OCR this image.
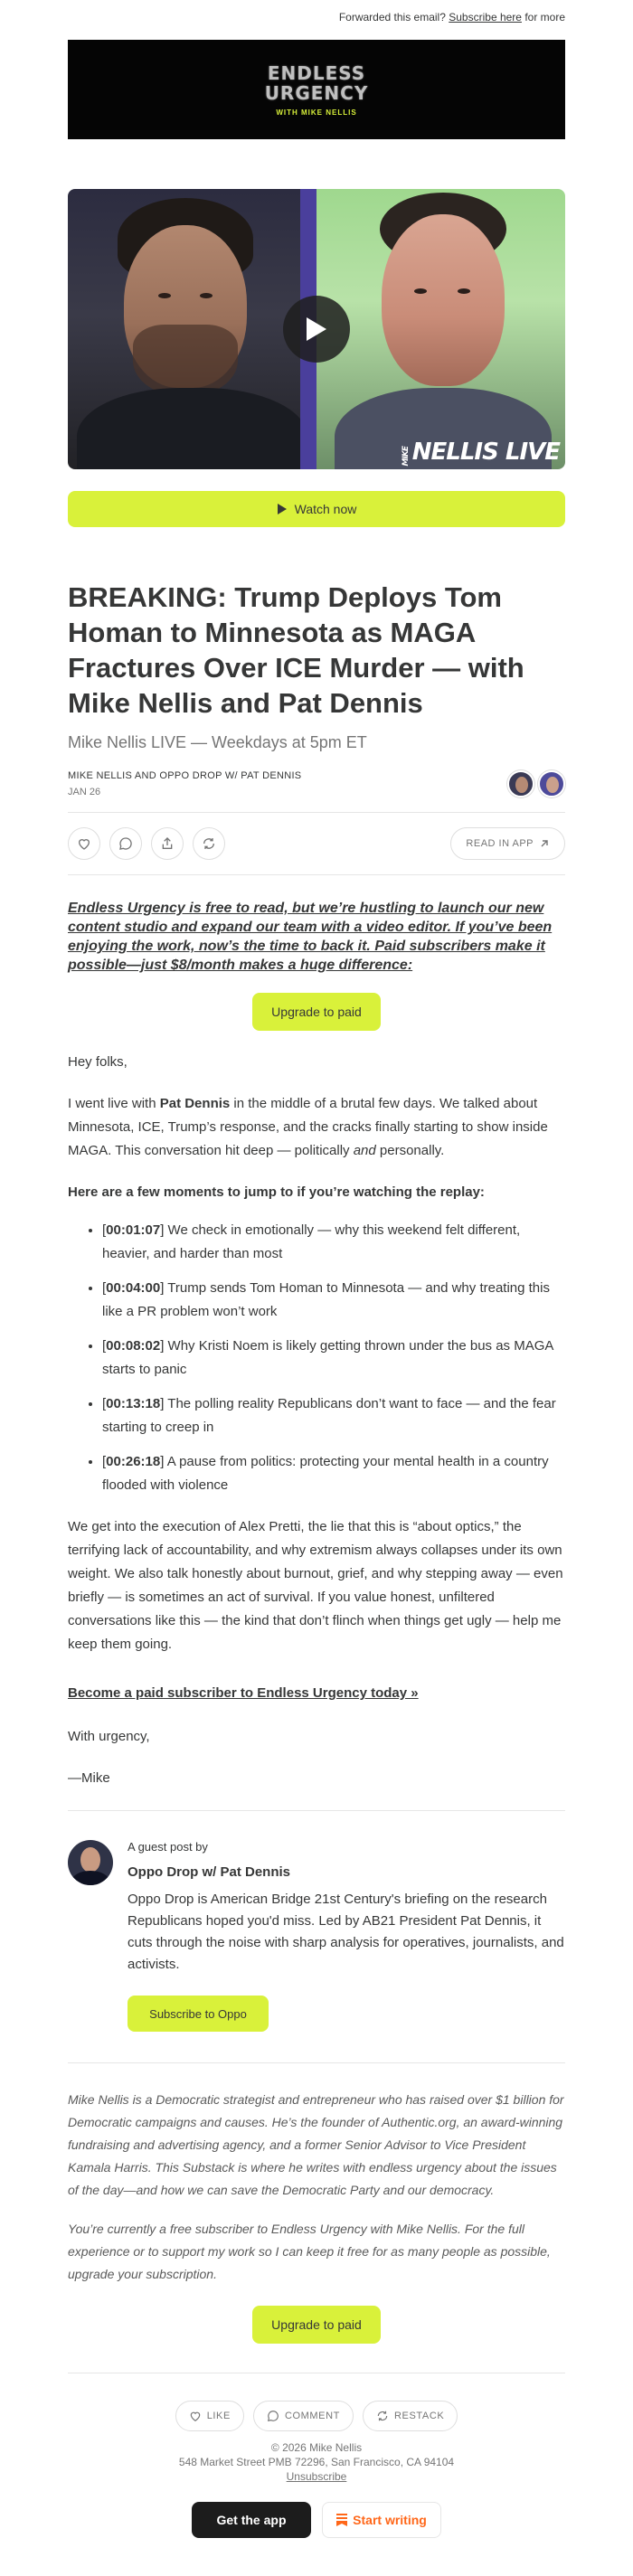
Forwarded this email? Subscribe here for more
ENDLESS
URGENCY
WITH MIKE NELLIS
MIKENELLIS LIVE
Watch now
BREAKING: Trump Deploys Tom Homan to Minnesota as MAGA Fractures Over ICE Murder — with Mike Nellis and Pat Dennis
Mike Nellis LIVE — Weekdays at 5pm ET
MIKE NELLIS AND OPPO DROP W/ PAT DENNIS
JAN 26
READ IN APP
Endless Urgency is free to read, but we’re hustling to launch our new content studio and expand our team with a video editor. If you’ve been enjoying the work, now’s the time to back it. Paid subscribers make it possible—just $8/month makes a huge difference:
Upgrade to paid

Hey folks,

I went live with Pat Dennis in the middle of a brutal few days. We talked about Minnesota, ICE, Trump’s response, and the cracks finally starting to show inside MAGA. This conversation hit deep — politically and personally.

Here are a few moments to jump to if you’re watching the replay:

• [00:01:07] We check in emotionally — why this weekend felt different, heavier, and harder than most
• [00:04:00] Trump sends Tom Homan to Minnesota — and why treating this like a PR problem won’t work
• [00:08:02] Why Kristi Noem is likely getting thrown under the bus as MAGA starts to panic
• [00:13:18] The polling reality Republicans don’t want to face — and the fear starting to creep in
• [00:26:18] A pause from politics: protecting your mental health in a country flooded with violence

We get into the execution of Alex Pretti, the lie that this is “about optics,” the terrifying lack of accountability, and why extremism always collapses under its own weight. We also talk honestly about burnout, grief, and why stepping away — even briefly — is sometimes an act of survival. If you value honest, unfiltered conversations like this — the kind that don’t flinch when things get ugly — help me keep them going.

Become a paid subscriber to Endless Urgency today »

With urgency,

—Mike

A guest post by
Oppo Drop w/ Pat Dennis
Oppo Drop is American Bridge 21st Century's briefing on the research Republicans hoped you'd miss. Led by AB21 President Pat Dennis, it cuts through the noise with sharp analysis for operatives, journalists, and activists.
Subscribe to Oppo

Mike Nellis is a Democratic strategist and entrepreneur who has raised over $1 billion for Democratic campaigns and causes. He’s the founder of Authentic.org, an award-winning fundraising and advertising agency, and a former Senior Advisor to Vice President Kamala Harris. This Substack is where he writes with endless urgency about the issues of the day—and how we can save the Democratic Party and our democracy.

You’re currently a free subscriber to Endless Urgency with Mike Nellis. For the full experience or to support my work so I can keep it free for as many people as possible, upgrade your subscription.

Upgrade to paid
LIKE	COMMENT	RESTACK
© 2026 Mike Nellis
548 Market Street PMB 72296, San Francisco, CA 94104
Unsubscribe
Get the app	Start writing
